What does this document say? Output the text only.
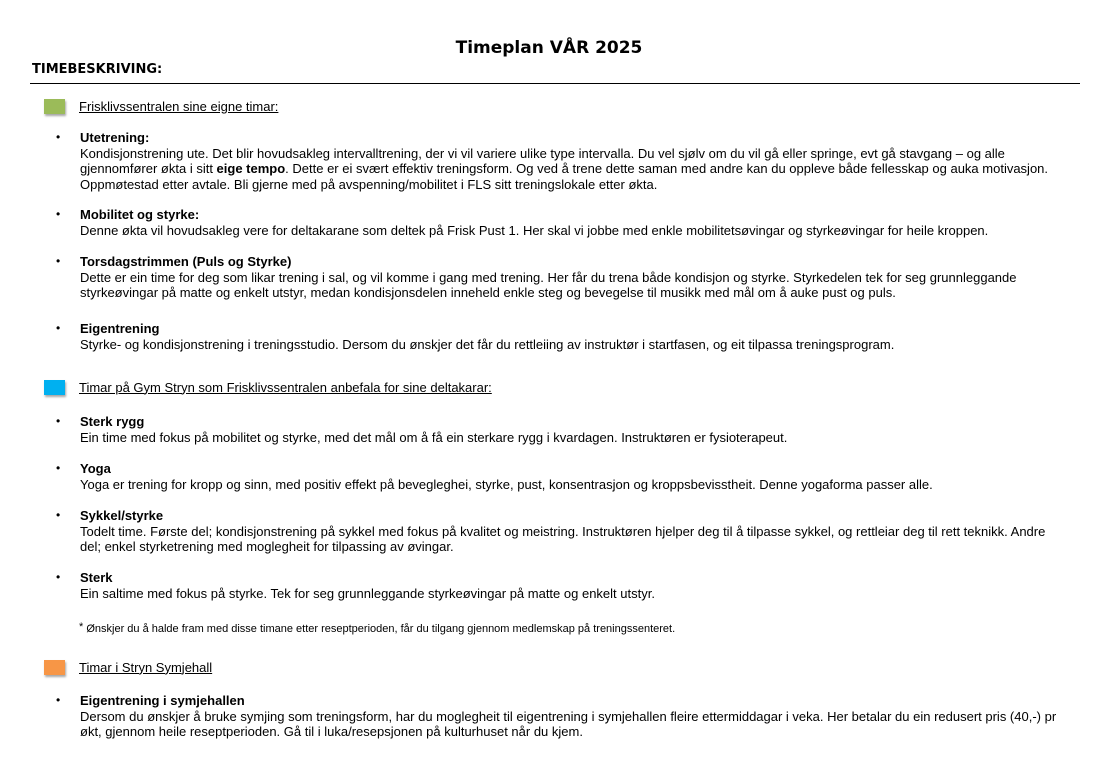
Timeplan VÅR 2025
TIMEBESKRIVING:
Frisklivssentralen sine eigne timar:
• Utetrening:
Kondisjonstrening ute. Det blir hovudsakleg intervalltrening, der vi vil variere ulike type intervalla. Du vel sjølv om du vil gå eller springe, evt gå stavgang – og alle gjennomfører økta i sitt eige tempo. Dette er ei svært effektiv treningsform. Og ved å trene dette saman med andre kan du oppleve både fellesskap og auka motivasjon. Oppmøtestad etter avtale. Bli gjerne med på avspenning/mobilitet i FLS sitt treningslokale etter økta.
• Mobilitet og styrke:
Denne økta vil hovudsakleg vere for deltakarane som deltek på Frisk Pust 1. Her skal vi jobbe med enkle mobilitetsøvingar og styrkeøvingar for heile kroppen.
• Torsdagstrimmen (Puls og Styrke)
Dette er ein time for deg som likar trening i sal, og vil komme i gang med trening. Her får du trena både kondisjon og styrke. Styrkedelen tek for seg grunnleggande styrkeøvingar på matte og enkelt utstyr, medan kondisjonsdelen inneheld enkle steg og bevegelse til musikk med mål om å auke pust og puls.
• Eigentrening
Styrke- og kondisjonstrening i treningsstudio. Dersom du ønskjer det får du rettleiing av instruktør i startfasen, og eit tilpassa treningsprogram.
Timar på Gym Stryn som Frisklivssentralen anbefala for sine deltakarar:
• Sterk rygg
Ein time med fokus på mobilitet og styrke, med det mål om å få ein sterkare rygg i kvardagen. Instruktøren er fysioterapeut.
• Yoga
Yoga er trening for kropp og sinn, med positiv effekt på bevegleghei, styrke, pust, konsentrasjon og kroppsbevisstheit. Denne yogaforma passer alle.
• Sykkel/styrke
Todelt time. Første del; kondisjonstrening på sykkel med fokus på kvalitet og meistring. Instruktøren hjelper deg til å tilpasse sykkel, og rettleiar deg til rett teknikk. Andre del; enkel styrketrening med moglegheit for tilpassing av øvingar.
• Sterk
Ein saltime med fokus på styrke. Tek for seg grunnleggande styrkeøvingar på matte og enkelt utstyr.
* Ønskjer du å halde fram med disse timane etter reseptperioden, får du tilgang gjennom medlemskap på treningssenteret.
Timar i Stryn Symjehall
• Eigentrening i symjehallen
Dersom du ønskjer å bruke symjing som treningsform, har du moglegheit til eigentrening i symjehallen fleire ettermiddagar i veka. Her betalar du ein redusert pris (40,-) pr økt, gjennom heile reseptperioden. Gå til i luka/resepsjonen på kulturhuset når du kjem.
